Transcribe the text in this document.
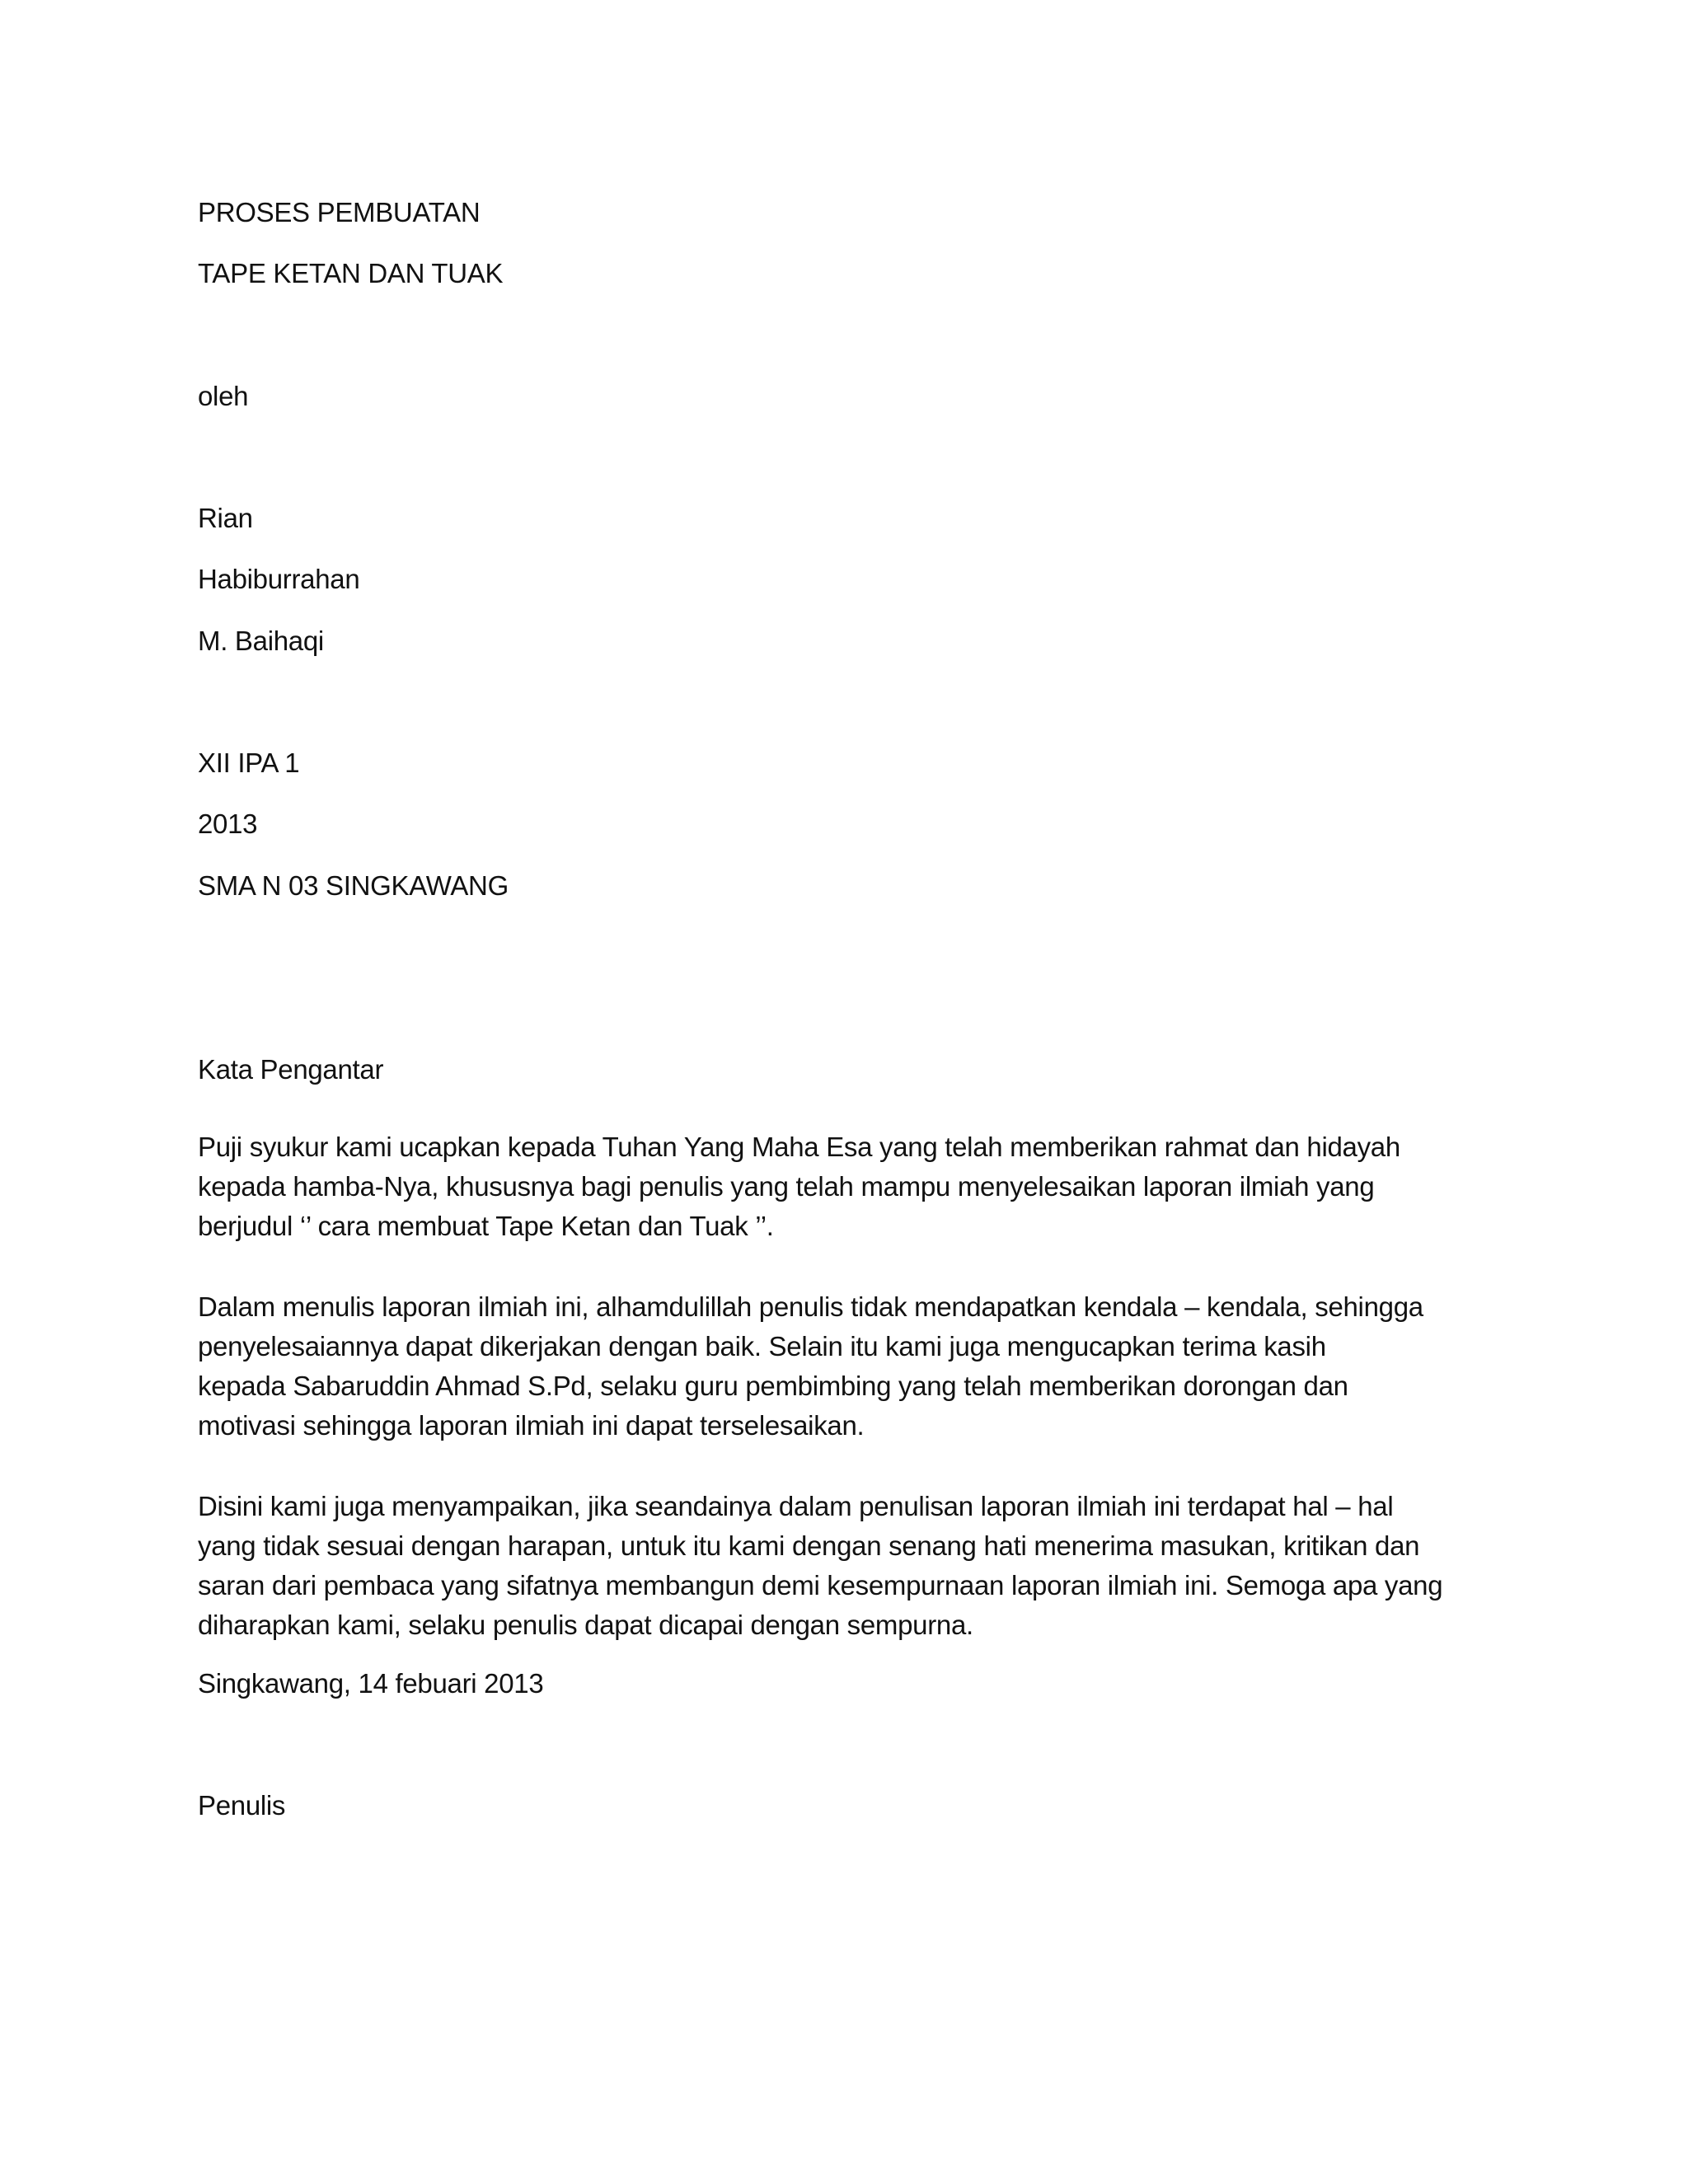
PROSES PEMBUATAN

TAPE KETAN DAN TUAK

oleh

Rian

Habiburrahan

M. Baihaqi

XII IPA 1

2013

SMA N 03 SINGKAWANG

Kata Pengantar

Puji syukur kami ucapkan kepada Tuhan Yang Maha Esa yang telah memberikan rahmat dan hidayah
kepada hamba-Nya, khususnya bagi penulis yang telah mampu menyelesaikan laporan ilmiah yang
berjudul ‘’ cara membuat Tape Ketan dan Tuak ’’.
Dalam menulis laporan ilmiah ini, alhamdulillah penulis tidak mendapatkan kendala – kendala, sehingga
penyelesaiannya dapat dikerjakan dengan baik. Selain itu kami juga mengucapkan terima kasih
kepada Sabaruddin Ahmad S.Pd, selaku guru pembimbing yang telah memberikan dorongan dan
motivasi sehingga laporan ilmiah ini dapat terselesaikan.
Disini kami juga menyampaikan, jika seandainya dalam penulisan laporan ilmiah ini terdapat hal – hal
yang tidak sesuai dengan harapan, untuk itu kami dengan senang hati menerima masukan, kritikan dan
saran dari pembaca yang sifatnya membangun demi kesempurnaan laporan ilmiah ini. Semoga apa yang
diharapkan kami, selaku penulis dapat dicapai dengan sempurna.

Singkawang, 14 febuari 2013

Penulis
